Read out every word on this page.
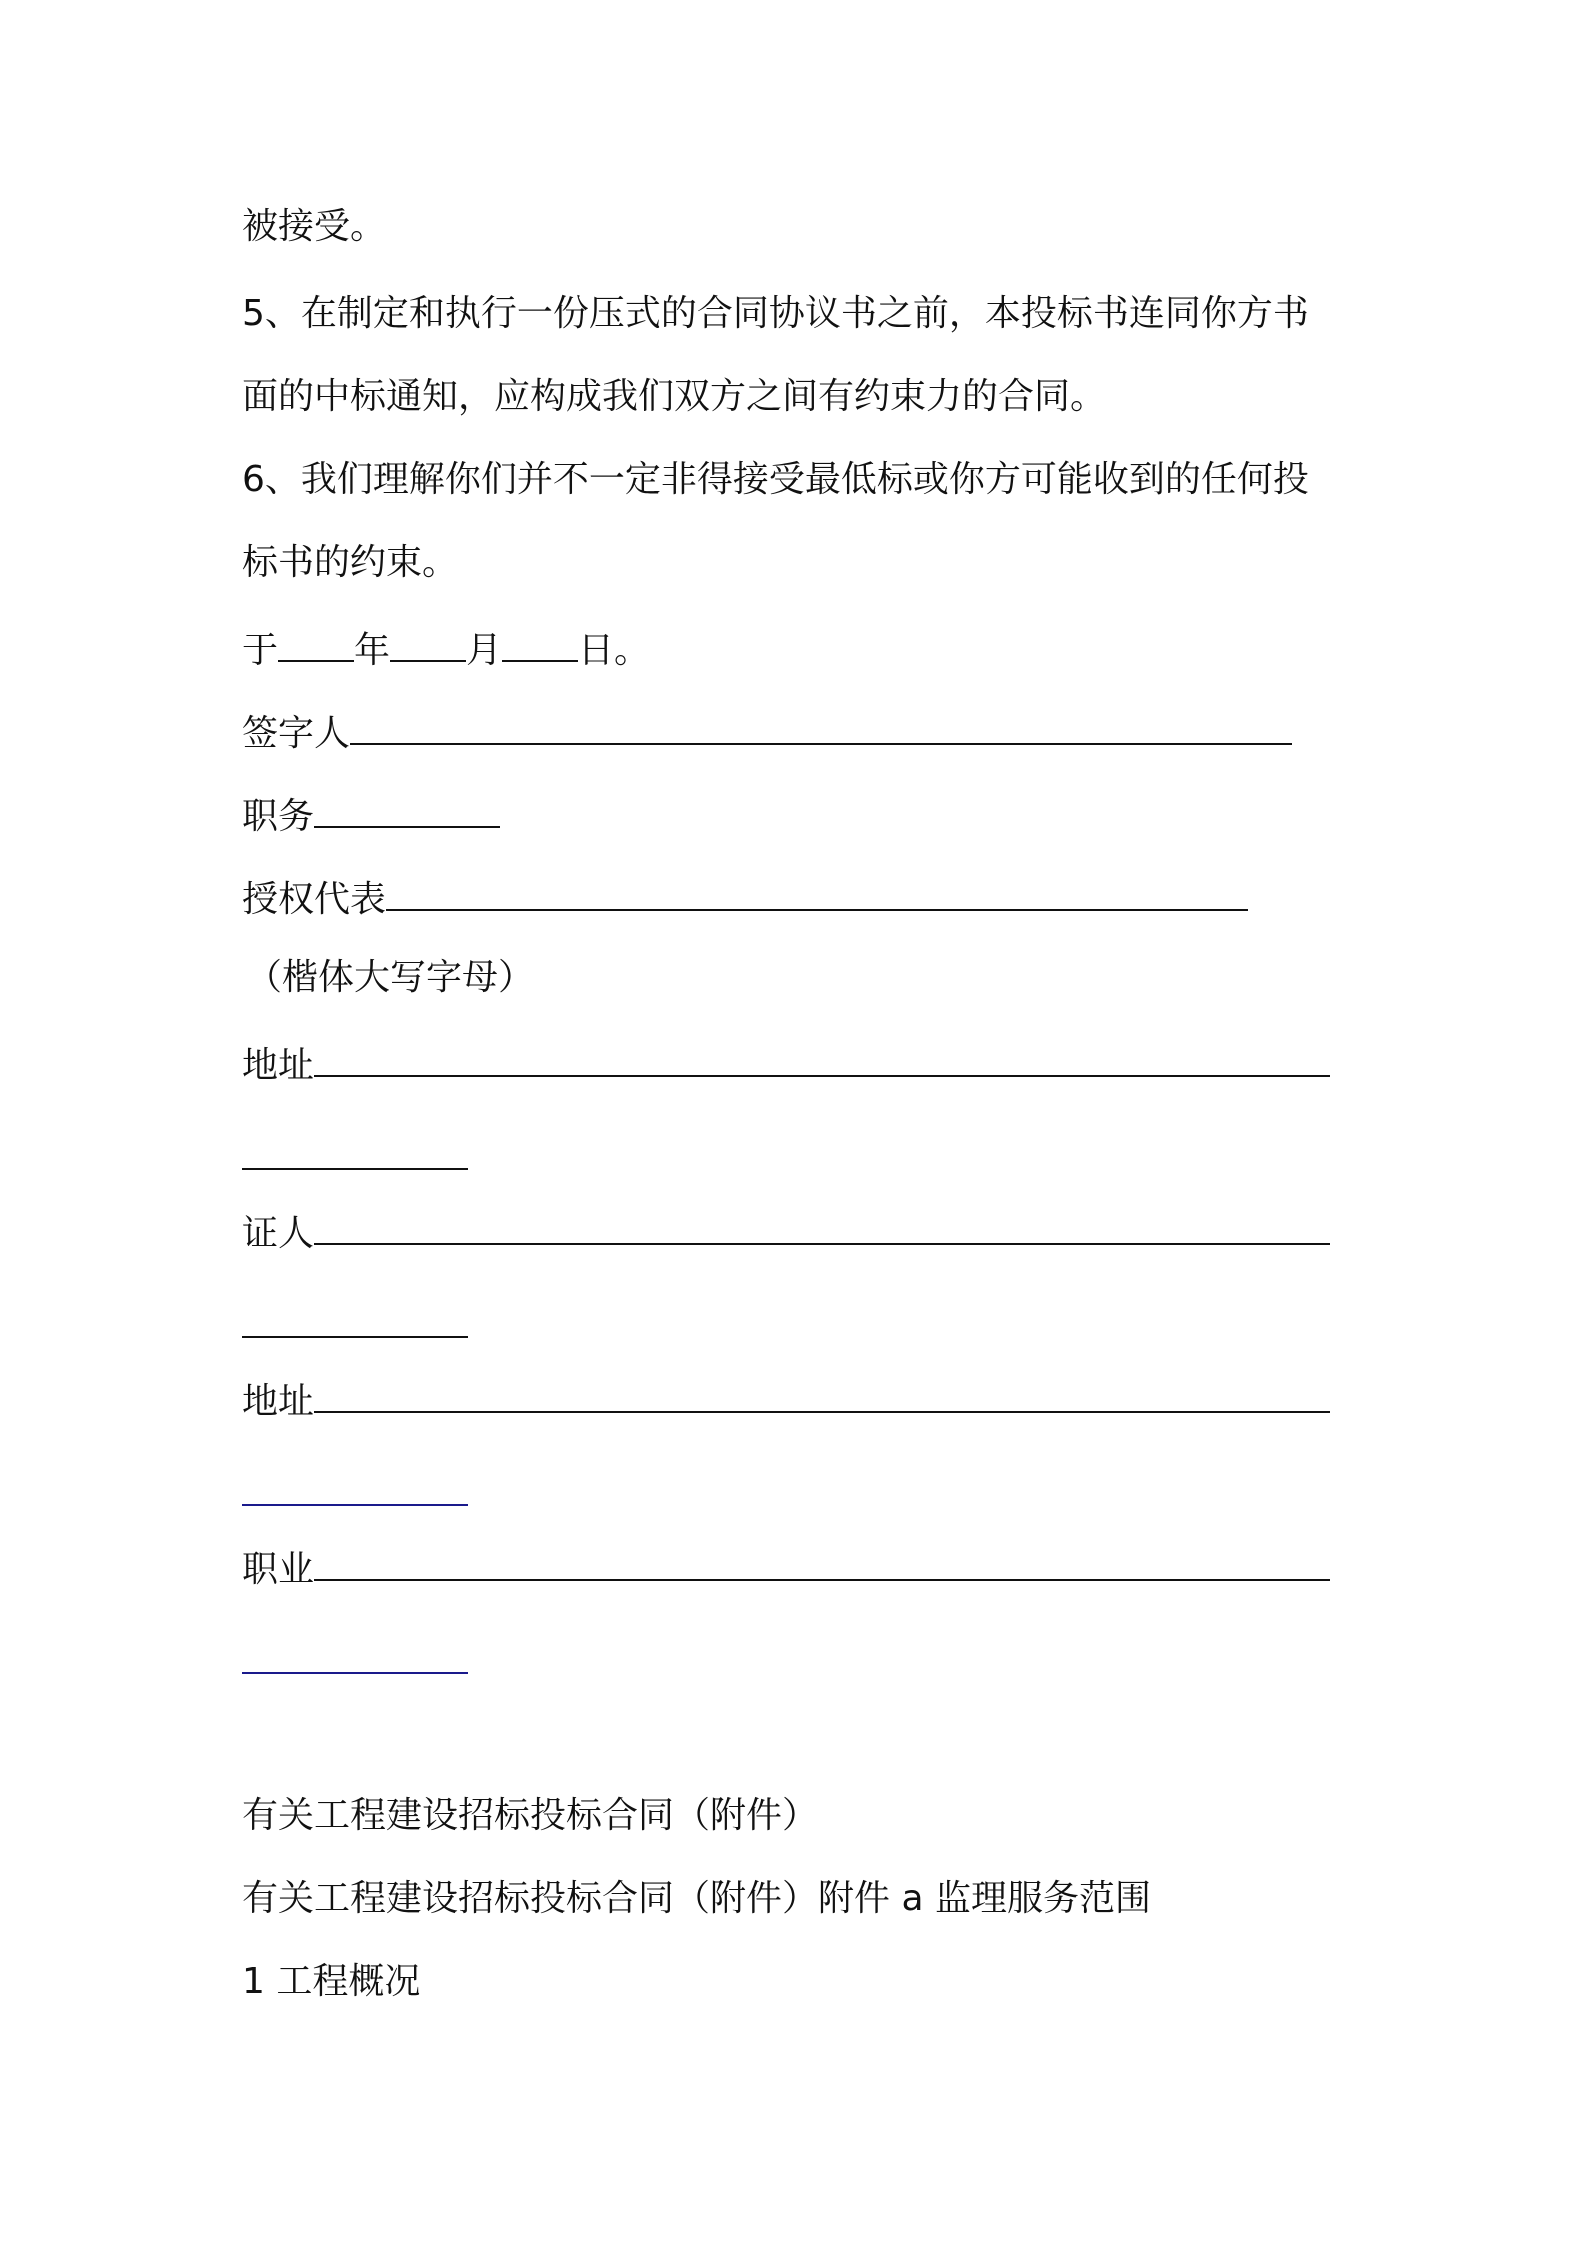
被接受。
5、在制定和执行一份压式的合同协议书之前，本投标书连同你方书
面的中标通知，应构成我们双方之间有约束力的合同。
6、我们理解你们并不一定非得接受最低标或你方可能收到的任何投
标书的约束。
于 年 月 日。
签字人
职务
授权代表
（楷体大写字母）
地址
证人
地址
职业
有关工程建设招标投标合同（附件）
有关工程建设招标投标合同（附件）附件 a 监理服务范围
1 工程概况
